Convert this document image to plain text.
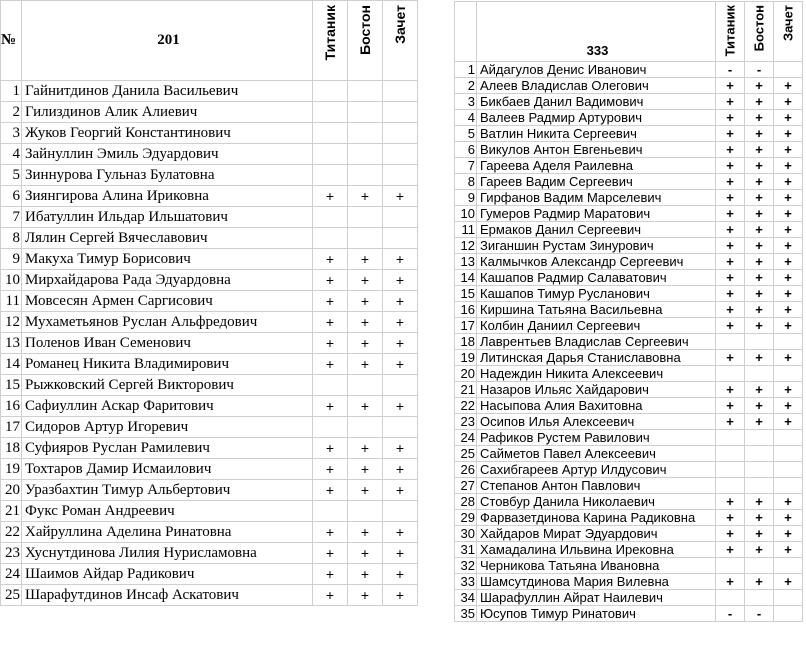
№	201	Титаник	Бостон	Зачет

1	Гайнитдинов Данила Васильевич			
2	Гилиздинов Алик Алиевич			
3	Жуков Георгий Константинович			
4	Зайнуллин Эмиль Эдуардович			
5	Зиннурова Гульназ Булатовна			
6	Зиянгирова Алина Ириковна	+	+	+
7	Ибатуллин Ильдар Ильшатович			
8	Лялин Сергей Вячеславович			
9	Макуха Тимур Борисович	+	+	+
10	Мирхайдарова Рада Эдуардовна	+	+	+
11	Мовсесян Армен Саргисович	+	+	+
12	Мухаметьянов Руслан Альфредович	+	+	+
13	Поленов Иван Семенович	+	+	+
14	Романец Никита Владимирович	+	+	+
15	Рыжковский Сергей Викторович			
16	Сафиуллин Аскар Фаритович	+	+	+
17	Сидоров Артур Игоревич			
18	Суфияров Руслан Рамилевич	+	+	+
19	Тохтаров Дамир Исмаилович	+	+	+
20	Уразбахтин Тимур Альбертович	+	+	+
21	Фукс Роман Андреевич			
22	Хайруллина Аделина Ринатовна	+	+	+
23	Хуснутдинова Лилия Нурисламовна	+	+	+
24	Шаимов Айдар Радикович	+	+	+
25	Шарафутдинов Инсаф Аскатович	+	+	+
	333	Титаник	Бостон	Зачет

1	Айдагулов Денис Иванович	-	-	
2	Алеев Владислав Олегович	+	+	+
3	Бикбаев Данил Вадимович	+	+	+
4	Валеев Радмир Артурович	+	+	+
5	Ватлин Никита Сергеевич	+	+	+
6	Викулов Антон Евгеньевич	+	+	+
7	Гареева Аделя Раилевна	+	+	+
8	Гареев Вадим Сергеевич	+	+	+
9	Гирфанов Вадим Марселевич	+	+	+
10	Гумеров Радмир Маратович	+	+	+
11	Ермаков Данил Сергеевич	+	+	+
12	Зиганшин Рустам Зинурович	+	+	+
13	Калмычков Александр Сергеевич	+	+	+
14	Кашапов Радмир Салаватович	+	+	+
15	Кашапов Тимур Русланович	+	+	+
16	Киршина Татьяна Васильевна	+	+	+
17	Колбин Даниил Сергеевич	+	+	+
18	Лаврентьев Владислав Сергеевич			
19	Литинская Дарья Станиславовна	+	+	+
20	Надеждин Никита Алексеевич			
21	Назаров Ильяс Хайдарович	+	+	+
22	Насыпова Алия Вахитовна	+	+	+
23	Осипов Илья Алексеевич	+	+	+
24	Рафиков Рустем Равилович			
25	Сайметов Павел Алексеевич			
26	Сахибгареев Артур Илдусович			
27	Степанов Антон Павлович			
28	Стовбур Данила Николаевич	+	+	+
29	Фарвазетдинова Карина Радиковна	+	+	+
30	Хайдаров Мират Эдуардович	+	+	+
31	Хамадалина Ильвина Ирековна	+	+	+
32	Черникова Татьяна Ивановна			
33	Шамсутдинова Мария Вилевна	+	+	+
34	Шарафуллин Айрат Наилевич			
35	Юсупов Тимур Ринатович	-	-	
